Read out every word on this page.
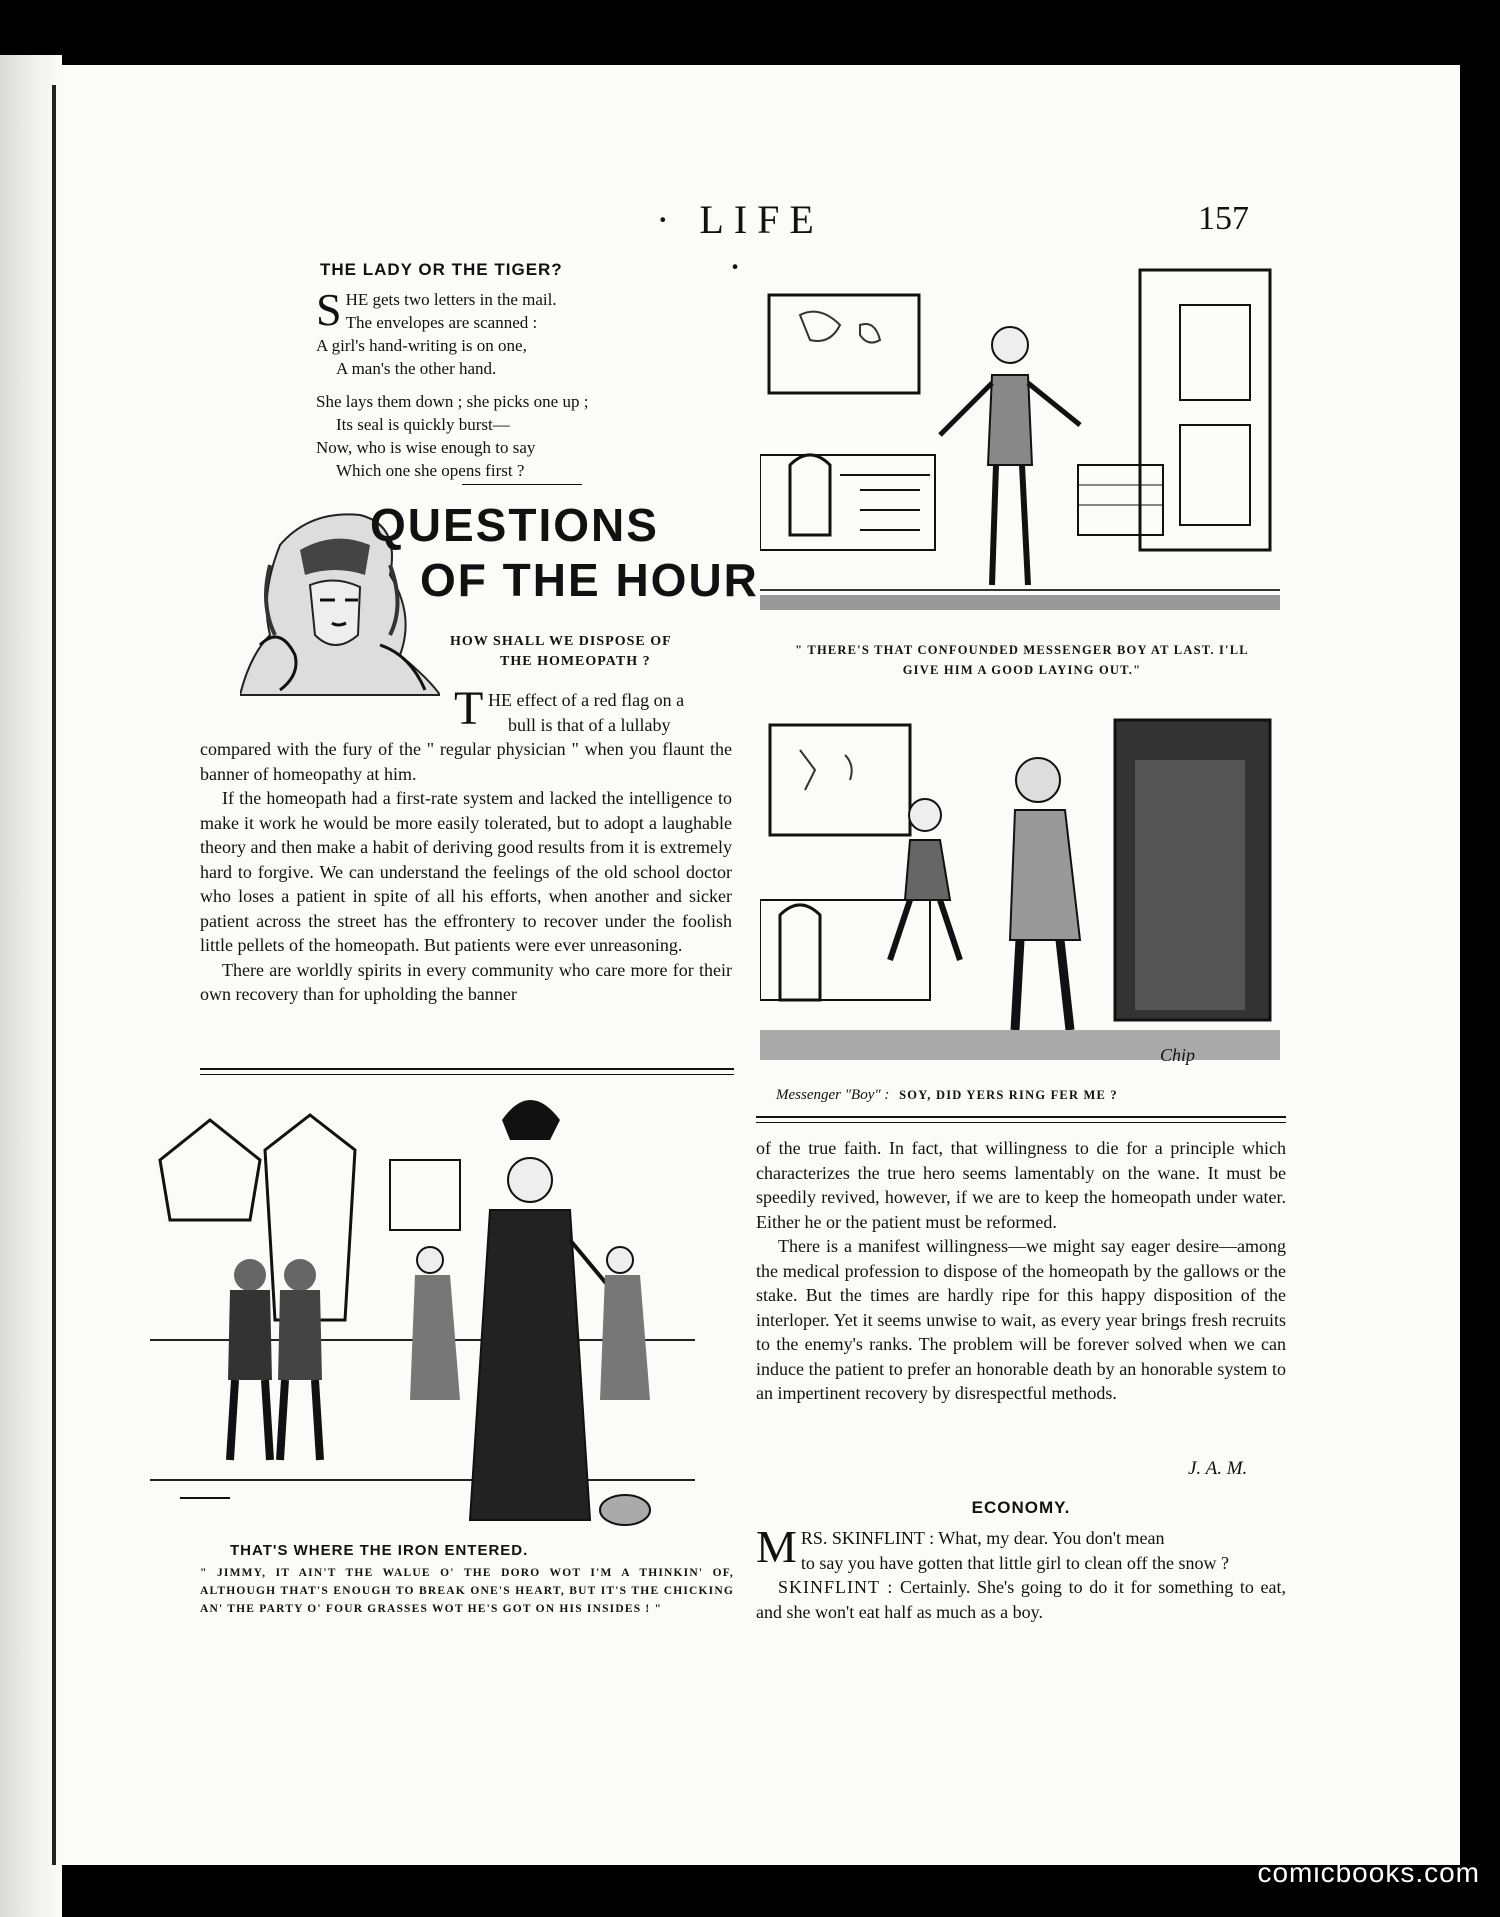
· LIFE ·
157
THE LADY OR THE TIGER?
S HE gets two letters in the mail.
The envelopes are scanned :
A girl's hand-writing is on one,
A man's the other hand.
She lays them down ; she picks one up ;
Its seal is quickly burst—
Now, who is wise enough to say
Which one she opens first ?
QUESTIONS
OF THE HOUR
HOW SHALL WE DISPOSE OF
THE HOMEOPATH ?
T HE effect of a red flag on a
bull is that of a lullaby

compared with the fury of the " regular physician " when you flaunt the banner of homeopathy at him.

If the homeopath had a first-rate system and lacked the intelligence to make it work he would be more easily tolerated, but to adopt a laughable theory and then make a habit of deriving good results from it is extremely hard to forgive. We can understand the feelings of the old school doctor who loses a patient in spite of all his efforts, when another and sicker patient across the street has the effrontery to recover under the foolish little pellets of the homeopath. But patients were ever unreasoning.

There are worldly spirits in every community who care more for their own recovery than for upholding the banner

" THERE'S THAT CONFOUNDED MESSENGER BOY AT LAST. I'LL
GIVE HIM A GOOD LAYING OUT."
Chip
Messenger "Boy" : SOY, DID YERS RING FER ME ?

of the true faith. In fact, that willingness to die for a principle which characterizes the true hero seems lamentably on the wane. It must be speedily revived, however, if we are to keep the homeopath under water. Either he or the patient must be reformed.

There is a manifest willingness—we might say eager desire—among the medical profession to dispose of the homeopath by the gallows or the stake. But the times are hardly ripe for this happy disposition of the interloper. Yet it seems unwise to wait, as every year brings fresh recruits to the enemy's ranks. The problem will be forever solved when we can induce the patient to prefer an honorable death by an honorable system to an impertinent recovery by disrespectful methods.

J. A. M.
ECONOMY.
M RS. SKINFLINT : What, my dear. You don't mean
to say you have gotten that little girl to clean off the snow ?

SKINFLINT : Certainly. She's going to do it for something to eat, and she won't eat half as much as a boy.

THAT'S WHERE THE IRON ENTERED.
" JIMMY, IT AIN'T THE WALUE O' THE DORO WOT I'M A THINKIN' OF, ALTHOUGH THAT'S ENOUGH TO BREAK ONE'S HEART, BUT IT'S THE CHICKING AN' THE PARTY O' FOUR GRASSES WOT HE'S GOT ON HIS INSIDES ! "
comicbooks.com
